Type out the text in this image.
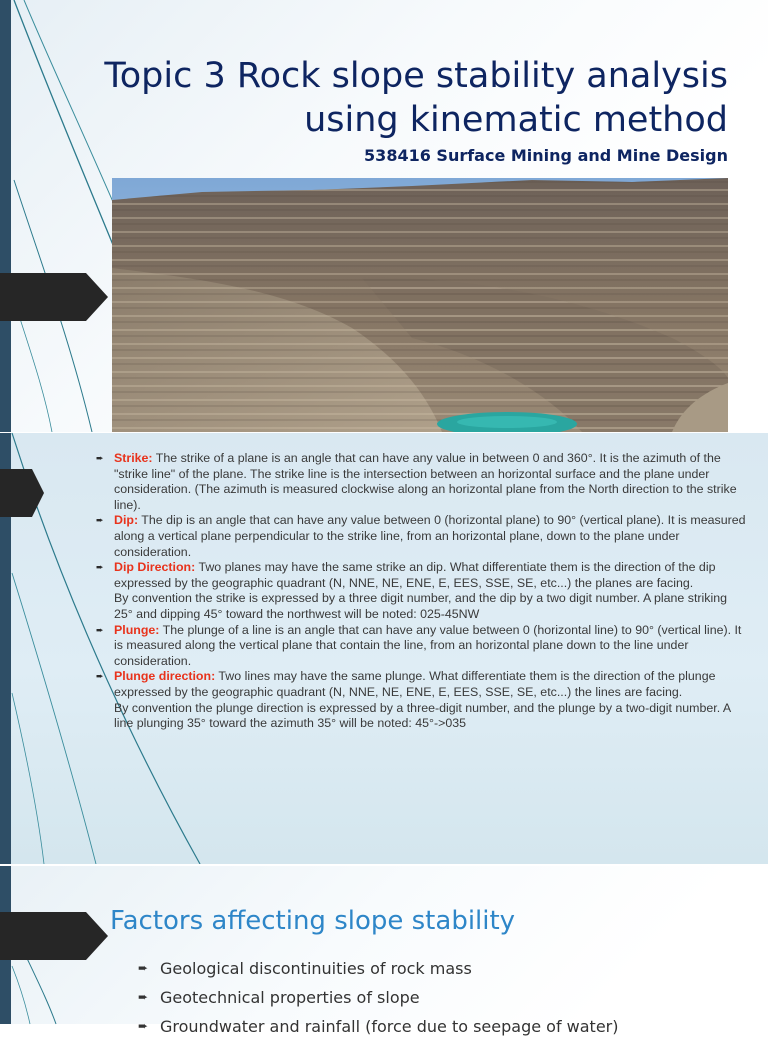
Topic 3 Rock slope stability analysis using kinematic method

538416 Surface Mining and Mine Design

➨ Strike: The strike of a plane is an angle that can have any value in between 0 and 360°. It is the azimuth of the "strike line" of the plane. The strike line is the intersection between an horizontal surface and the plane under consideration. (The azimuth is measured clockwise along an horizontal plane from the North direction to the strike line).
➨ Dip: The dip is an angle that can have any value between 0 (horizontal plane) to 90° (vertical plane). It is measured along a vertical plane perpendicular to the strike line, from an horizontal plane, down to the plane under consideration.
➨ Dip Direction: Two planes may have the same strike an dip. What differentiate them is the direction of the dip expressed by the geographic quadrant (N, NNE, NE, ENE, E, EES, SSE, SE, etc...) the planes are facing.
By convention the strike is expressed by a three digit number, and the dip by a two digit number. A plane striking 25° and dipping 45° toward the northwest will be noted: 025-45NW
➨ Plunge: The plunge of a line is an angle that can have any value between 0 (horizontal line) to 90° (vertical line). It is measured along the vertical plane that contain the line, from an horizontal plane down to the line under consideration.
➨ Plunge direction: Two lines may have the same plunge. What differentiate them is the direction of the plunge expressed by the geographic quadrant (N, NNE, NE, ENE, E, EES, SSE, SE, etc...) the lines are facing.
By convention the plunge direction is expressed by a three-digit number, and the plunge by a two-digit number. A line plunging 35° toward the azimuth 35° will be noted: 45°->035
Factors affecting slope stability
➨ Geological discontinuities of rock mass
➨ Geotechnical properties of slope
➨ Groundwater and rainfall (force due to seepage of water)
